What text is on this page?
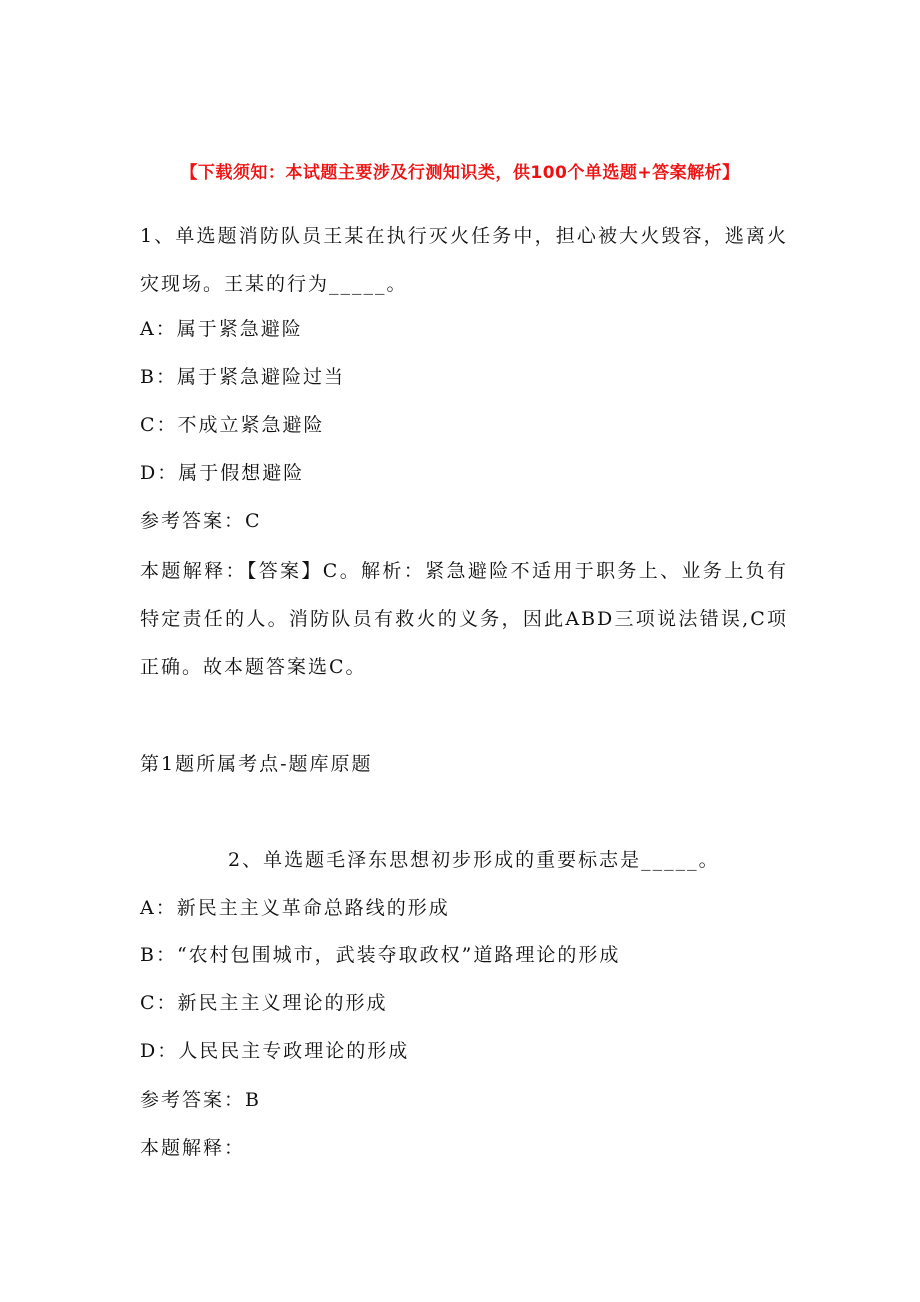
【下载须知：本试题主要涉及行测知识类，供100个单选题+答案解析】
1、单选题消防队员王某在执行灭火任务中，担心被大火毁容，逃离火灾现场。王某的行为_____。
A：属于紧急避险
B：属于紧急避险过当
C：不成立紧急避险
D：属于假想避险
参考答案：C
本题解释：【答案】C。解析：紧急避险不适用于职务上、业务上负有特定责任的人。消防队员有救火的义务，因此ABD三项说法错误,C项正确。故本题答案选C。
第1题所属考点-题库原题
2、单选题毛泽东思想初步形成的重要标志是_____。
A：新民主主义革命总路线的形成
B：“农村包围城市，武装夺取政权”道路理论的形成
C：新民主主义理论的形成
D：人民民主专政理论的形成
参考答案：B
本题解释：
